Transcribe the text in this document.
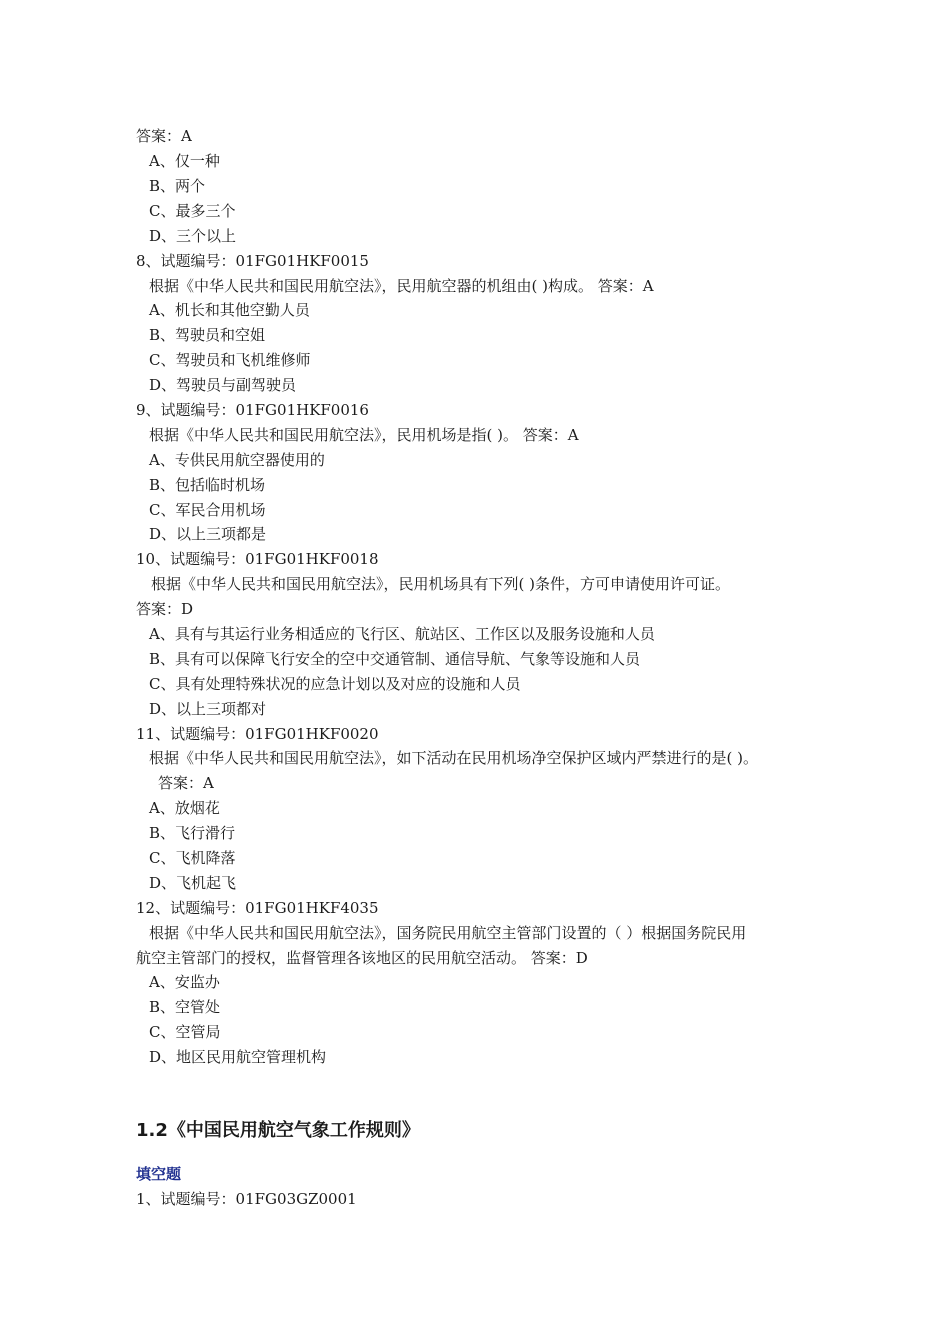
答案：A
A、仅一种
B、两个
C、最多三个
D、三个以上
8、试题编号：01FG01HKF0015
根据《中华人民共和国民用航空法》，民用航空器的机组由( )构成。 答案：A
A、机长和其他空勤人员
B、驾驶员和空姐
C、驾驶员和飞机维修师
D、驾驶员与副驾驶员
9、试题编号：01FG01HKF0016
根据《中华人民共和国民用航空法》，民用机场是指( )。 答案：A
A、专供民用航空器使用的
B、包括临时机场
C、军民合用机场
D、以上三项都是
10、试题编号：01FG01HKF0018
根据《中华人民共和国民用航空法》，民用机场具有下列( )条件，方可申请使用许可证。
答案：D
A、具有与其运行业务相适应的飞行区、航站区、工作区以及服务设施和人员
B、具有可以保障飞行安全的空中交通管制、通信导航、气象等设施和人员
C、具有处理特殊状况的应急计划以及对应的设施和人员
D、以上三项都对
11、试题编号：01FG01HKF0020
根据《中华人民共和国民用航空法》，如下活动在民用机场净空保护区域内严禁进行的是( )。
答案：A
A、放烟花
B、飞行滑行
C、飞机降落
D、飞机起飞
12、试题编号：01FG01HKF4035
根据《中华人民共和国民用航空法》，国务院民用航空主管部门设置的（ ）根据国务院民用
航空主管部门的授权，监督管理各该地区的民用航空活动。 答案：D
A、安监办
B、空管处
C、空管局
D、地区民用航空管理机构
1.2《中国民用航空气象工作规则》
填空题
1、试题编号：01FG03GZ0001
